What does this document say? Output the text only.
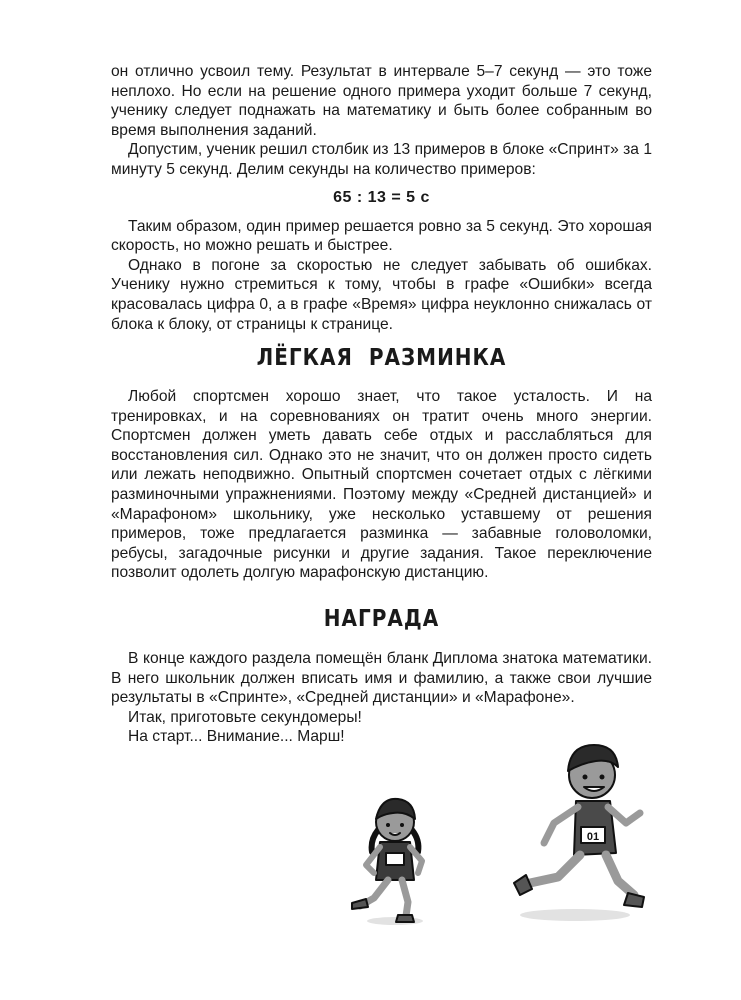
он отлично усвоил тему. Результат в интервале 5–7 секунд — это тоже неплохо. Но если на решение одного примера уходит больше 7 секунд, ученику следует поднажать на математику и быть более собранным во время выполнения заданий.

Допустим, ученик решил столбик из 13 примеров в блоке «Спринт» за 1 минуту 5 секунд. Делим секунды на количество примеров:

65 : 13 = 5 с

Таким образом, один пример решается ровно за 5 секунд. Это хорошая скорость, но можно решать и быстрее.

Однако в погоне за скоростью не следует забывать об ошибках. Ученику нужно стремиться к тому, чтобы в графе «Ошибки» всегда красовалась цифра 0, а в графе «Время» цифра неуклонно снижалась от блока к блоку, от страницы к странице.

ЛЁГКАЯ РАЗМИНКА

Любой спортсмен хорошо знает, что такое усталость. И на тренировках, и на соревнованиях он тратит очень много энергии. Спортсмен должен уметь давать себе отдых и расслабляться для восстановления сил. Однако это не значит, что он должен просто сидеть или лежать неподвижно. Опытный спортсмен сочетает отдых с лёгкими разминочными упражнениями. Поэтому между «Средней дистанцией» и «Марафоном» школьнику, уже несколько уставшему от решения примеров, тоже предлагается разминка — забавные головоломки, ребусы, загадочные рисунки и другие задания. Такое переключение позволит одолеть долгую марафонскую дистанцию.

НАГРАДА

В конце каждого раздела помещён бланк Диплома знатока математики. В него школьник должен вписать имя и фамилию, а также свои лучшие результаты в «Спринте», «Средней дистанции» и «Марафоне».

Итак, приготовьте секундомеры!

На старт... Внимание... Марш!

01
